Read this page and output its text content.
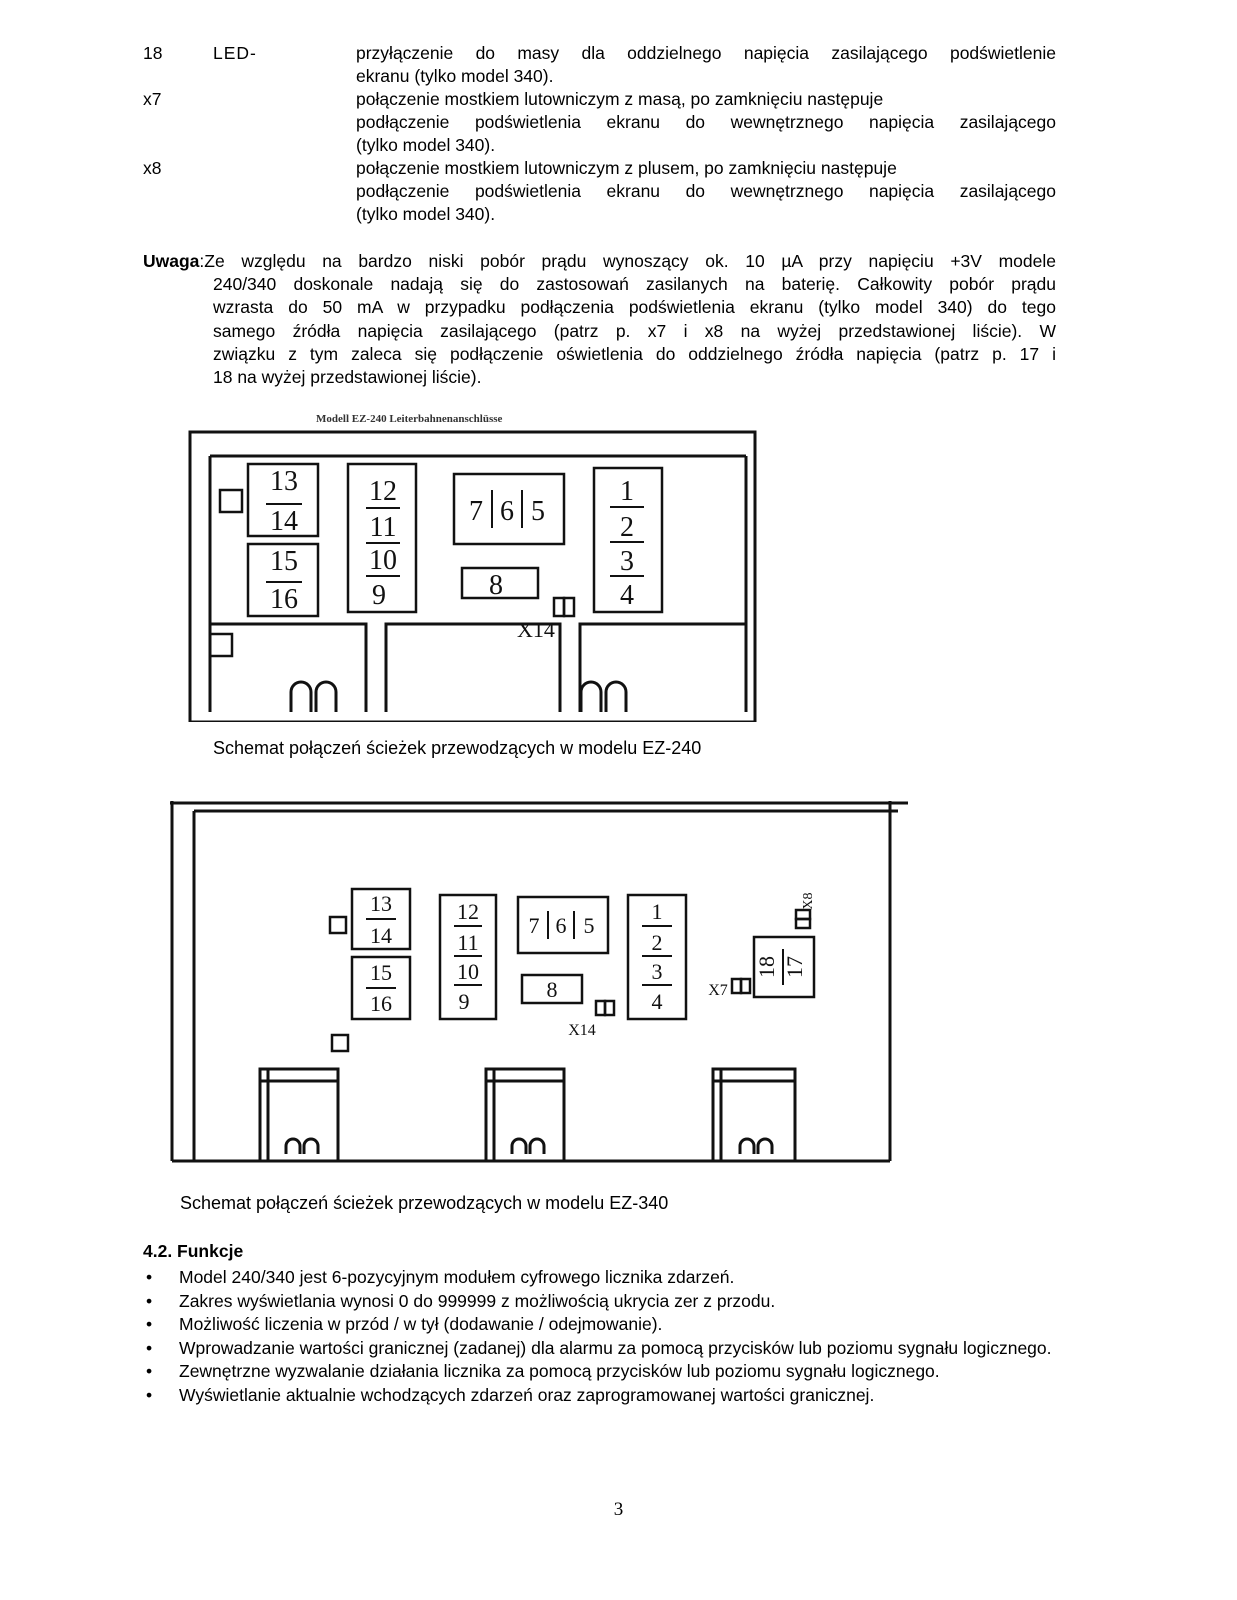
18	LED-	przyłączenie do masy dla oddzielnego napięcia zasilającego podświetlenie
ekranu (tylko model 340).
x7	połączenie mostkiem lutowniczym z masą, po zamknięciu następuje
podłączenie podświetlenia ekranu do wewnętrznego napięcia zasilającego
(tylko model 340).
x8	połączenie mostkiem lutowniczym z plusem, po zamknięciu następuje
podłączenie podświetlenia ekranu do wewnętrznego napięcia zasilającego
(tylko model 340).
Uwaga:Ze względu na bardzo niski pobór prądu wynoszący ok. 10 µA przy napięciu +3V modele
240/340 doskonale nadają się do zastosowań zasilanych na baterię. Całkowity pobór prądu
wzrasta do 50 mA w przypadku podłączenia podświetlenia ekranu (tylko model 340) do tego
samego źródła napięcia zasilającego (patrz p. x7 i x8 na wyżej przedstawionej liście). W
związku z tym zaleca się podłączenie oświetlenia do oddzielnego źródła napięcia (patrz p. 17 i
18 na wyżej przedstawionej liście).
Modell EZ-240 Leiterbahnenanschlüsse
13
14
15
16
12
11
10
9
7 6 5
8
1
2
3
4
X14
Schemat połączeń ścieżek przewodzących w modelu EZ-240
13
14
15
16
12
11
10
9
7 6 5
8
1
2
3
4
18 17
X14
X7
X8
Schemat połączeń ścieżek przewodzących w modelu EZ-340
4.2. Funkcje
• Model 240/340 jest 6-pozycyjnym modułem cyfrowego licznika zdarzeń.
• Zakres wyświetlania wynosi 0 do 999999 z możliwością ukrycia zer z przodu.
• Możliwość liczenia w przód / w tył (dodawanie / odejmowanie).
• Wprowadzanie wartości granicznej (zadanej) dla alarmu za pomocą przycisków lub poziomu sygnału logicznego.
• Zewnętrzne wyzwalanie działania licznika za pomocą przycisków lub poziomu sygnału logicznego.
• Wyświetlanie aktualnie wchodzących zdarzeń oraz zaprogramowanej wartości granicznej.
3
